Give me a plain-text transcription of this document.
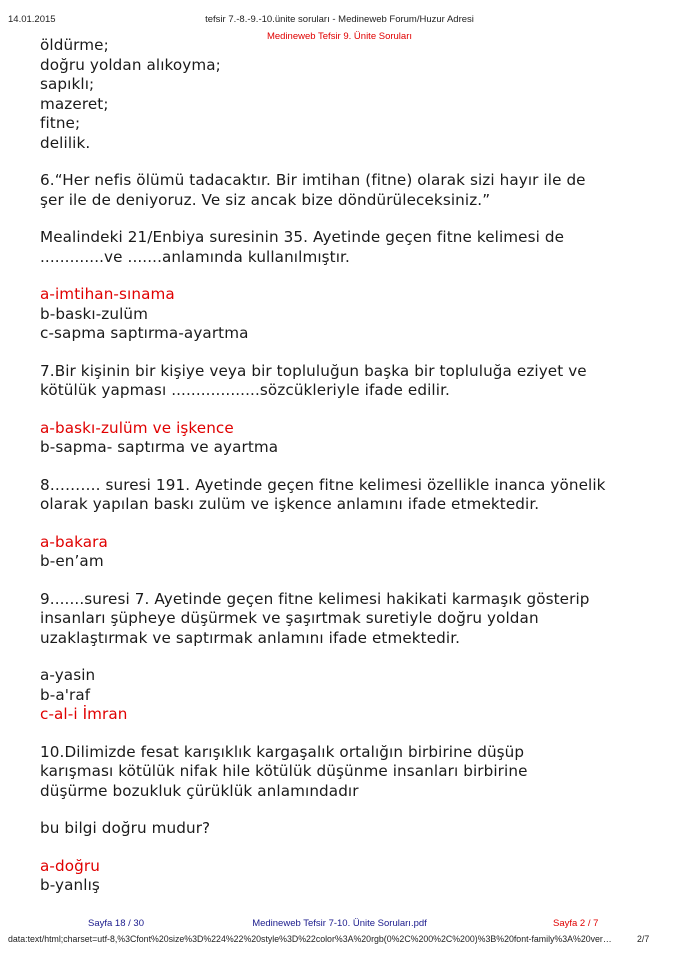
14.01.2015	tefsir 7.-8.-9.-10.ünite soruları - Medineweb Forum/Huzur Adresi
Medineweb Tefsir 9. Ünite Soruları
öldürme;
doğru yoldan alıkoyma;
sapıklı;
mazeret;
fitne;
delilik.
6.“Her nefis ölümü tadacaktır. Bir imtihan (fitne) olarak sizi hayır ile de
şer ile de deniyoruz. Ve siz ancak bize döndürüleceksiniz.”
Mealindeki 21/Enbiya suresinin 35. Ayetinde geçen fitne kelimesi de
.............ve .......anlamında kullanılmıştır.
a-imtihan-sınama
b-baskı-zulüm
c-sapma saptırma-ayartma
7.Bir kişinin bir kişiye veya bir topluluğun başka bir topluluğa eziyet ve
kötülük yapması ..................sözcükleriyle ifade edilir.
a-baskı-zulüm ve işkence
b-sapma- saptırma ve ayartma
8………. suresi 191. Ayetinde geçen fitne kelimesi özellikle inanca yönelik
olarak yapılan baskı zulüm ve işkence anlamını ifade etmektedir.
a-bakara
b-en’am
9.......suresi 7. Ayetinde geçen fitne kelimesi hakikati karmaşık gösterip
insanları şüpheye düşürmek ve şaşırtmak suretiyle doğru yoldan
uzaklaştırmak ve saptırmak anlamını ifade etmektedir.
a-yasin
b-a'raf
c-al-i İmran
10.Dilimizde fesat karışıklık kargaşalık ortalığın birbirine düşüp
karışması kötülük nifak hile kötülük düşünme insanları birbirine
düşürme bozukluk çürüklük anlamındadır
bu bilgi doğru mudur?
a-doğru
b-yanlış
Sayfa 18 / 30	Medineweb Tefsir 7-10. Ünite Soruları.pdf	Sayfa 2 / 7
data:text/html;charset=utf-8,%3Cfont%20size%3D%224%22%20style%3D%22color%3A%20rgb(0%2C%200%2C%200)%3B%20font-family%3A%20ver…	2/7
